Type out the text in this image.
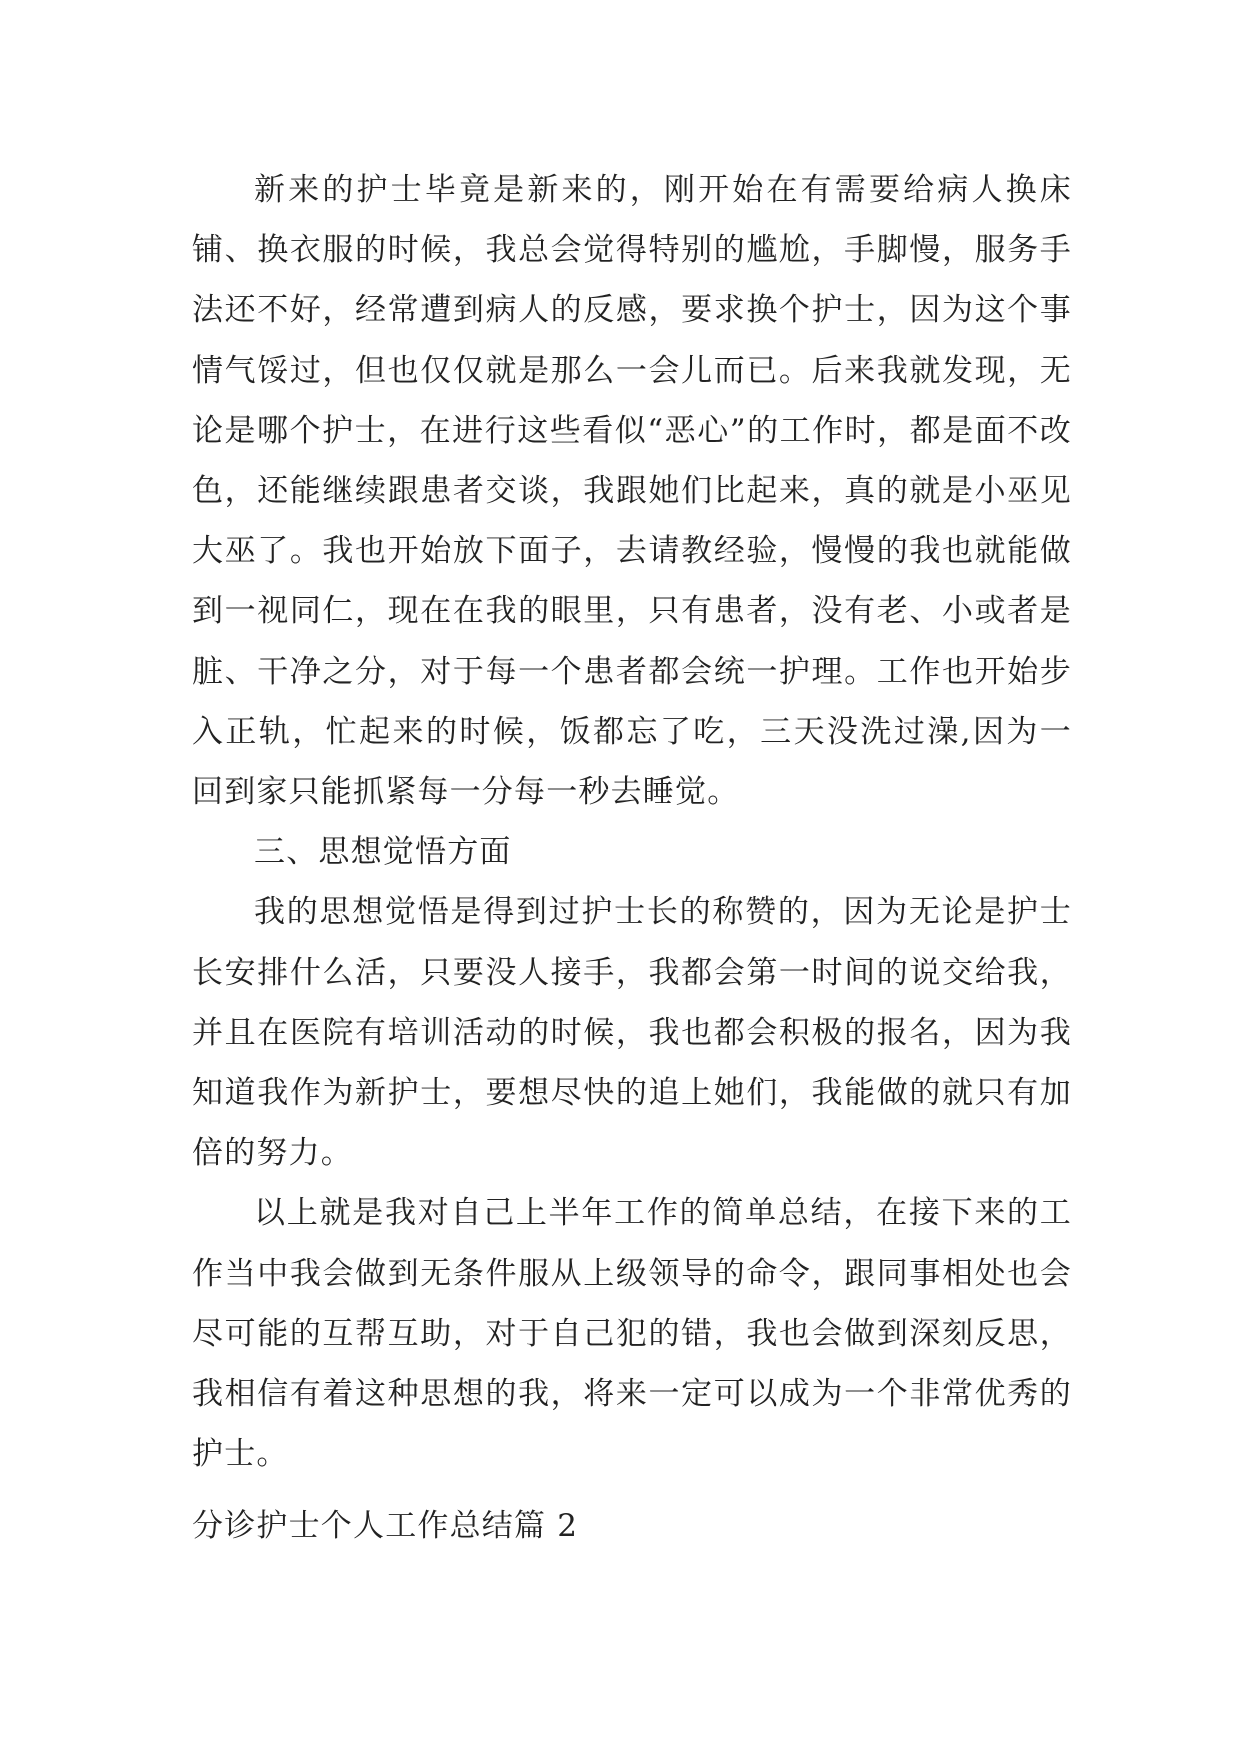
新来的护士毕竟是新来的，刚开始在有需要给病人换床铺、换衣服的时候，我总会觉得特别的尴尬，手脚慢，服务手法还不好，经常遭到病人的反感，要求换个护士，因为这个事情气馁过，但也仅仅就是那么一会儿而已。后来我就发现，无论是哪个护士，在进行这些看似“恶心”的工作时，都是面不改色，还能继续跟患者交谈，我跟她们比起来，真的就是小巫见大巫了。我也开始放下面子，去请教经验，慢慢的我也就能做到一视同仁，现在在我的眼里，只有患者，没有老、小或者是脏、干净之分，对于每一个患者都会统一护理。工作也开始步入正轨，忙起来的时候，饭都忘了吃，三天没洗过澡,因为一回到家只能抓紧每一分每一秒去睡觉。

三、思想觉悟方面

我的思想觉悟是得到过护士长的称赞的，因为无论是护士长安排什么活，只要没人接手，我都会第一时间的说交给我，并且在医院有培训活动的时候，我也都会积极的报名，因为我知道我作为新护士，要想尽快的追上她们，我能做的就只有加倍的努力。

以上就是我对自己上半年工作的简单总结，在接下来的工作当中我会做到无条件服从上级领导的命令，跟同事相处也会尽可能的互帮互助，对于自己犯的错，我也会做到深刻反思，我相信有着这种思想的我，将来一定可以成为一个非常优秀的护士。

分诊护士个人工作总结篇 2
